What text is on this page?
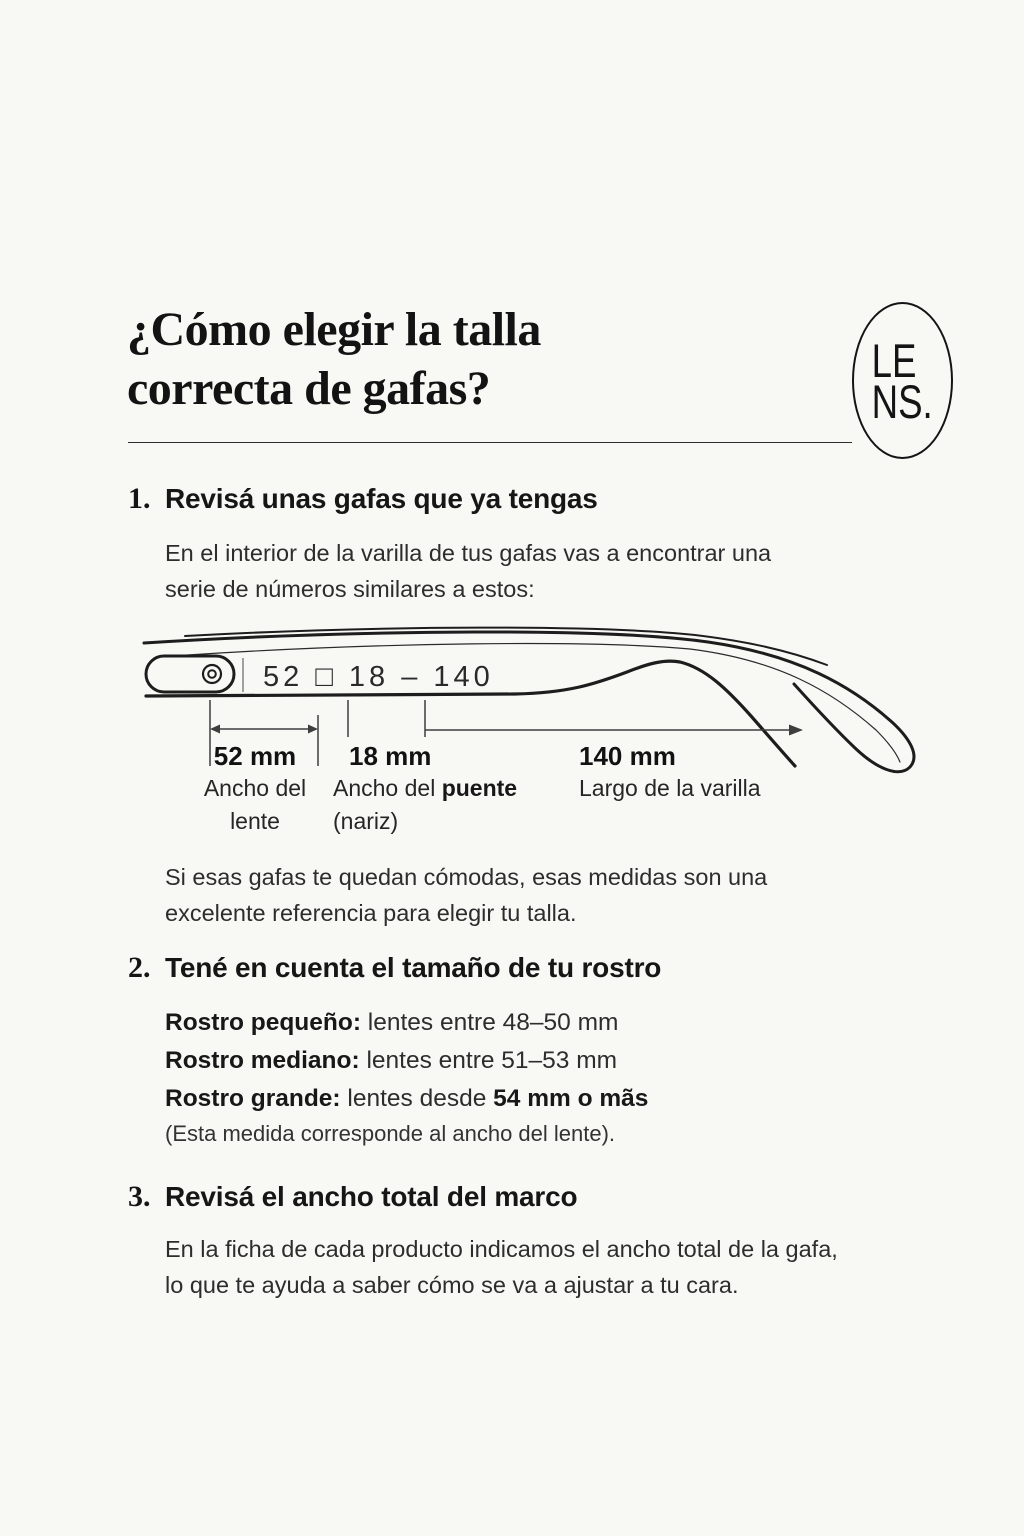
¿Cómo elegir la talla
correcta de gafas?
LE
NS.
1. Revisá unas gafas que ya tengas
En el interior de la varilla de tus gafas vas a encontrar una
serie de números similares a estos:
52 □ 18 – 140
52 mm
Ancho del
lente
18 mm
Ancho del puente
(nariz)
140 mm
Largo de la varilla
Si esas gafas te quedan cómodas, esas medidas son una
excelente referencia para elegir tu talla.
2. Tené en cuenta el tamaño de tu rostro
Rostro pequeño: lentes entre 48–50 mm
Rostro mediano: lentes entre 51–53 mm
Rostro grande: lentes desde 54 mm o mãs
(Esta medida corresponde al ancho del lente).
3. Revisá el ancho total del marco
En la ficha de cada producto indicamos el ancho total de la gafa,
lo que te ayuda a saber cómo se va a ajustar a tu cara.
